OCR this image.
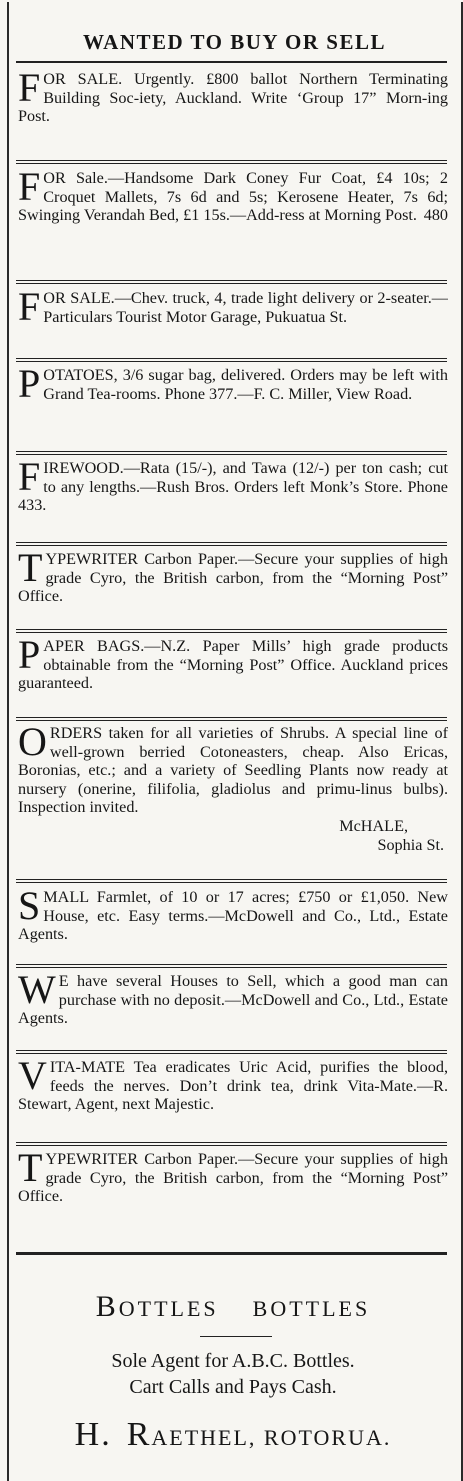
WANTED TO BUY OR SELL
F OR SALE. Urgently. £800 ballot Northern Terminating Building Soc-iety, Auckland. Write ‘Group 17” Morn-ing Post.
F OR Sale.—Handsome Dark Coney Fur Coat, £4 10s; 2 Croquet Mallets, 7s 6d and 5s; Kerosene Heater, 7s 6d; Swinging Verandah Bed, £1 15s.—Add-ress at Morning Post. 480
F OR SALE.—Chev. truck, 4, trade light delivery or 2-seater.—Particulars Tourist Motor Garage, Pukuatua St.
P OTATOES, 3/6 sugar bag, delivered. Orders may be left with Grand Tea-rooms. Phone 377.—F. C. Miller, View Road.
F IREWOOD.—Rata (15/-), and Tawa (12/-) per ton cash; cut to any lengths.—Rush Bros. Orders left Monk’s Store. Phone 433.
T YPEWRITER Carbon Paper.—Secure your supplies of high grade Cyro, the British carbon, from the “Morning Post” Office.
P APER BAGS.—N.Z. Paper Mills’ high grade products obtainable from the “Morning Post” Office. Auckland prices guaranteed.
O RDERS taken for all varieties of Shrubs. A special line of well-grown berried Cotoneasters, cheap. Also Ericas, Boronias, etc.; and a variety of Seedling Plants now ready at nursery (onerine, filifolia, gladiolus and primu-linus bulbs). Inspection invited.
McHALE,
Sophia St.
S MALL Farmlet, of 10 or 17 acres; £750 or £1,050. New House, etc. Easy terms.—McDowell and Co., Ltd., Estate Agents.
W E have several Houses to Sell, which a good man can purchase with no deposit.—McDowell and Co., Ltd., Estate Agents.
V ITA-MATE Tea eradicates Uric Acid, purifies the blood, feeds the nerves. Don’t drink tea, drink Vita-Mate.—R. Stewart, Agent, next Majestic.
T YPEWRITER Carbon Paper.—Secure your supplies of high grade Cyro, the British carbon, from the “Morning Post” Office.
BOTTLES BOTTLES
Sole Agent for A.B.C. Bottles.
Cart Calls and Pays Cash.
H. RAETHEL, ROTORUA.
